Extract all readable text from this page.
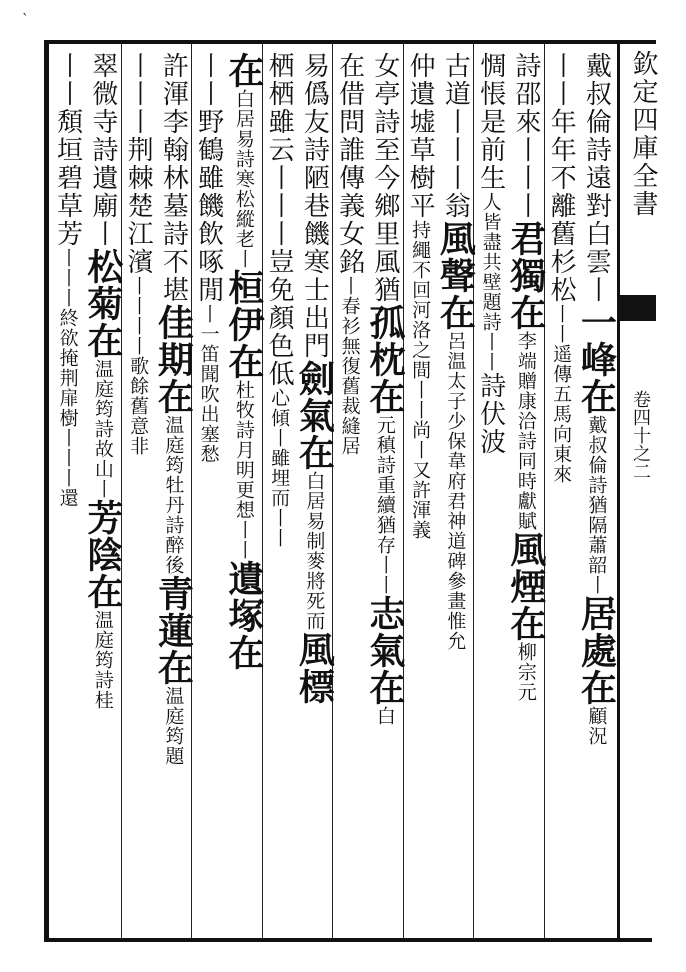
ˋ
欽定四庫全書
卷四十之二
戴叔倫詩遠對白雲丨一峰在戴叔倫詩猶隔蕭韶丨居處在顧況
丨丨年年不離舊杉松丨丨遥傳五馬向東來
詩邵來丨丨丨君獨在李端贈康洽詩同時獻賦風煙在柳宗元
惆悵是前生人皆盡共壁題詩丨丨詩伏波
古道丨丨丨翁風聲在呂温太子少保韋府君神道碑參畫惟允
仲遺墟草樹平持繩不回河洛之間丨丨尚丨又許渾義
女亭詩至今鄉里風猶孤枕在元稹詩重續猶存丨丨志氣在白
在借問誰傳義女銘丨春衫無復舊裁縫居
易僞友詩陋巷饑寒士出門劍氣在白居易制麥將死而風標
栖栖雖云丨丨丨豈免顏色低心傾丨雖埋而丨丨
在白居易詩寒松縱老丨桓伊在杜牧詩月明更想丨丨遺塚在
丨丨野鶴雖饑飲啄閒丨一笛聞吹出塞愁
許渾李翰林墓詩不堪佳期在温庭筠牡丹詩醉後青蓮在温庭筠題
丨丨丨荆棘楚江濱丨丨丨丨歌餘舊意非
翠微寺詩遺廟丨松菊在温庭筠詩故山丨芳陰在温庭筠詩桂
丨丨頽垣碧草芳丨丨丨終欲掩荆扉樹丨丨丨還
